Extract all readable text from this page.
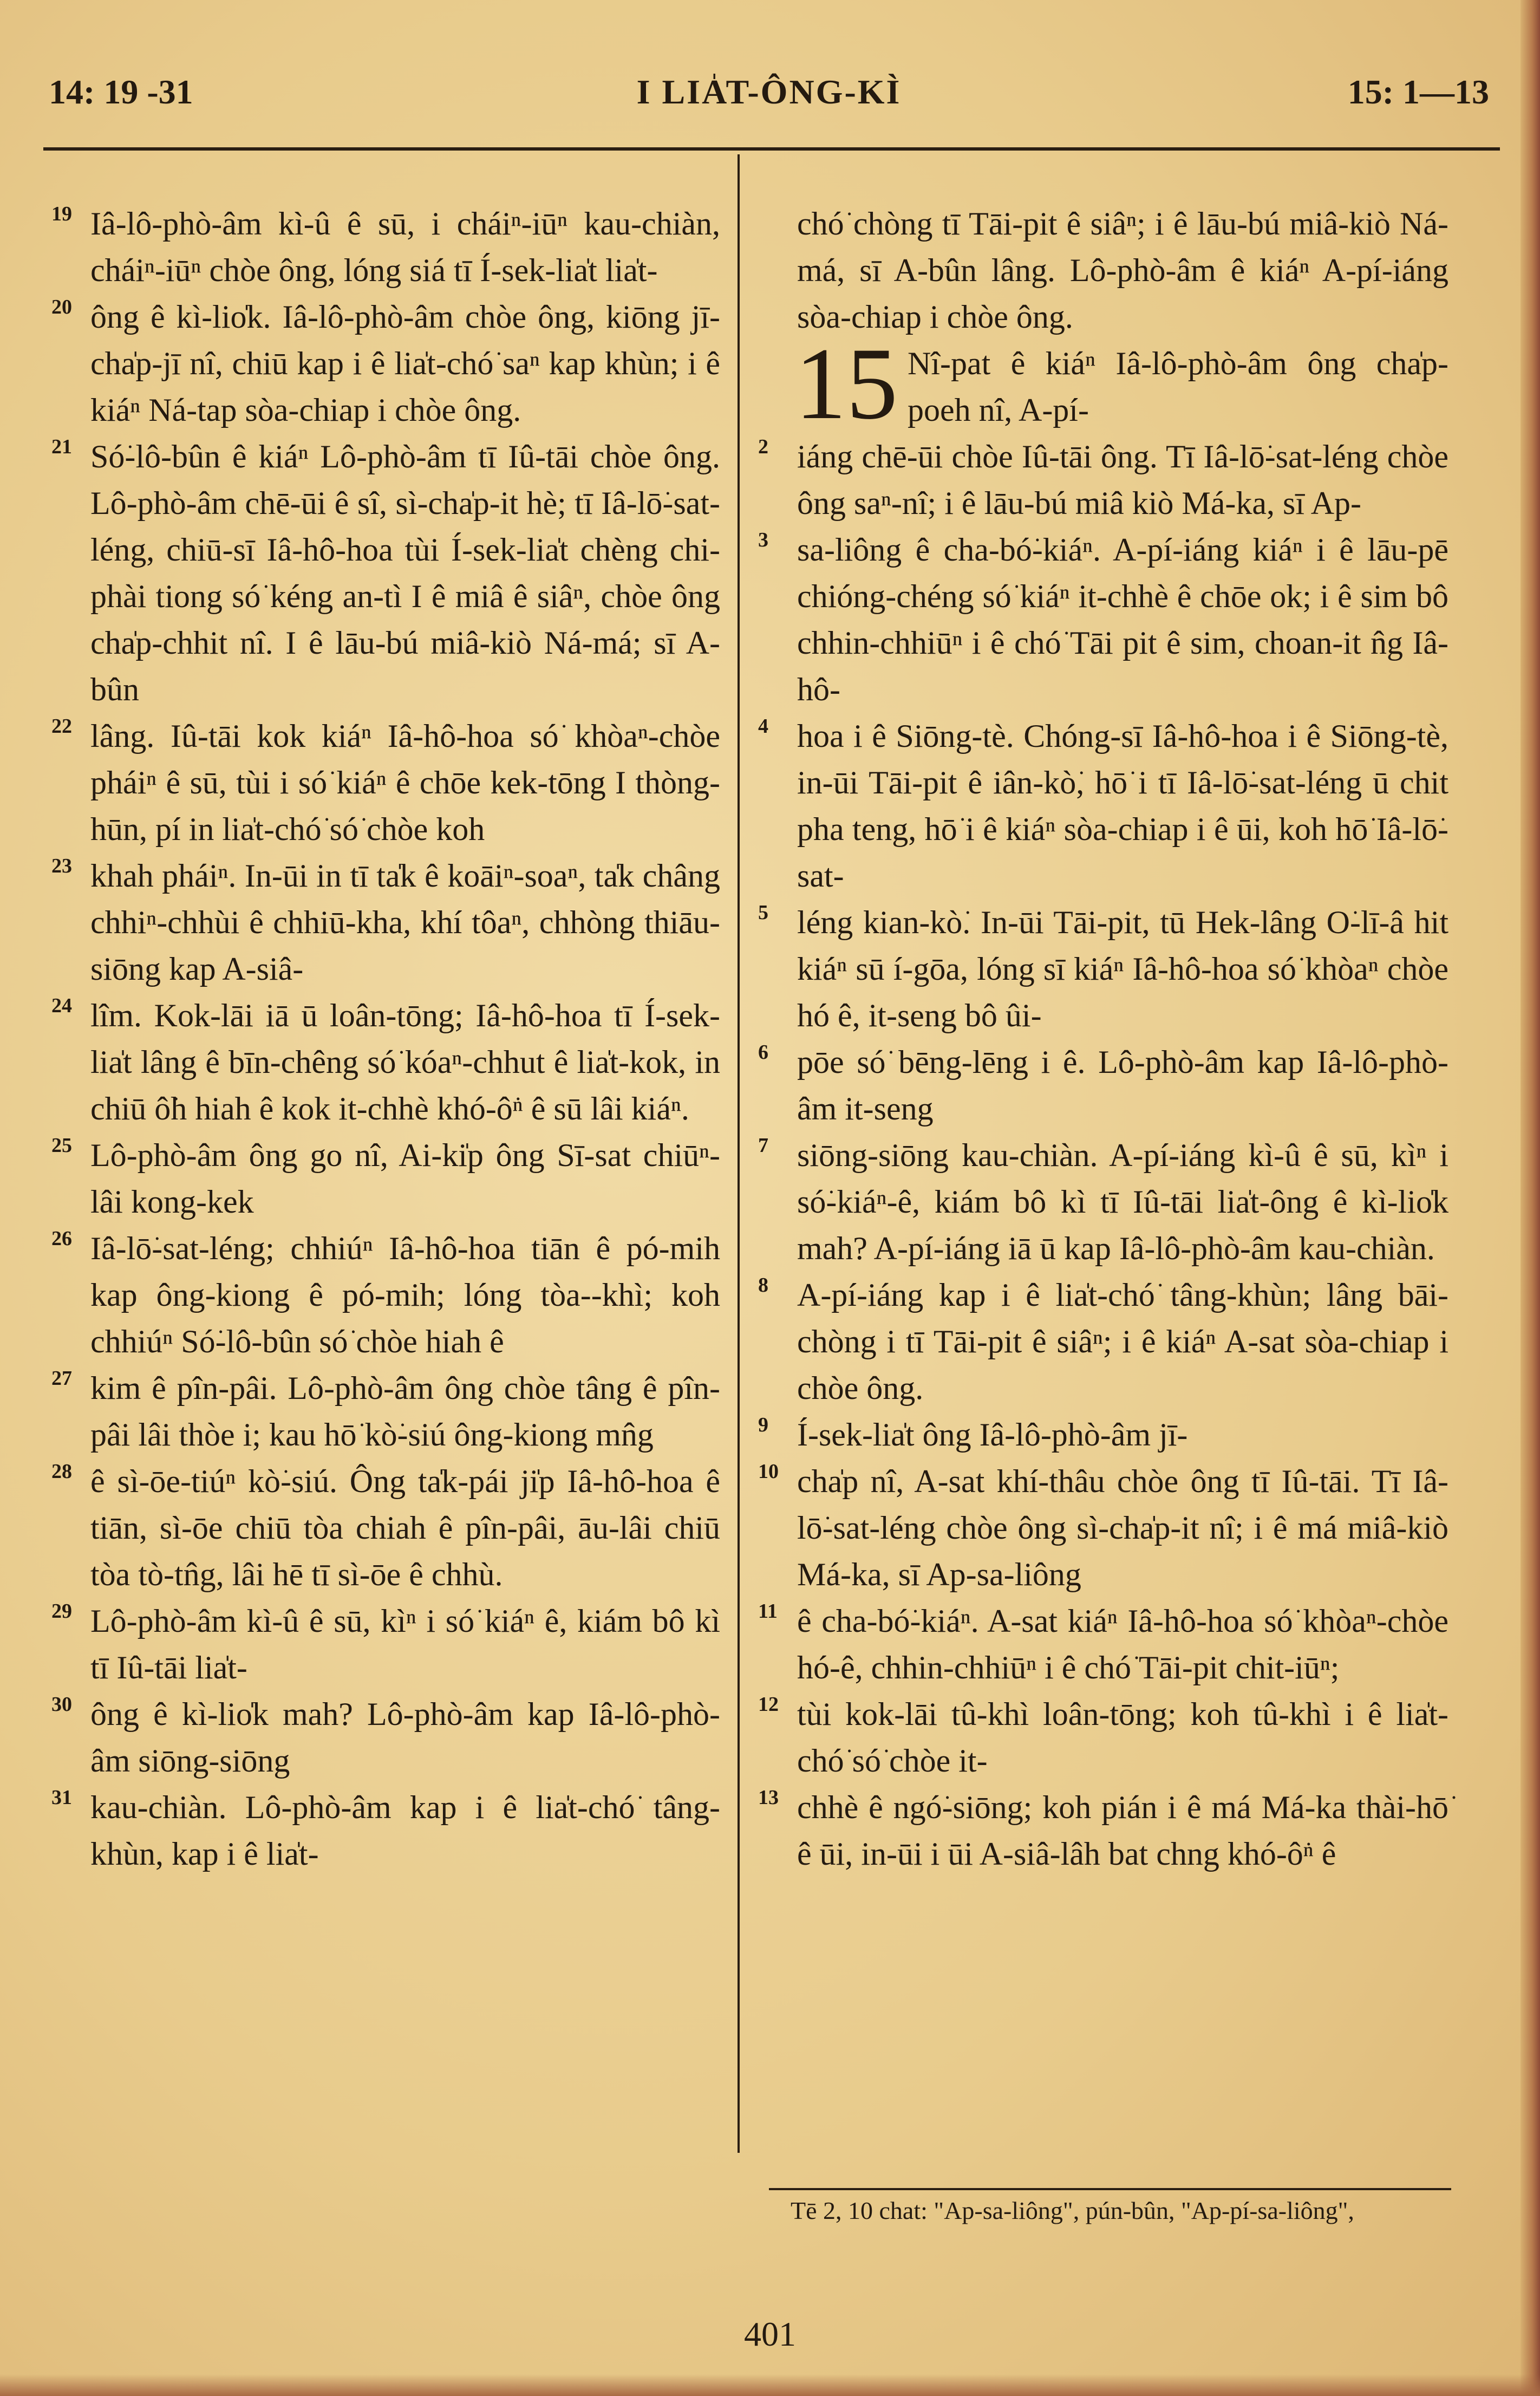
14: 19 -31	I LIA̍T-ÔNG-KÌ	15: 1—13

19 Iâ-lô-phò-âm kì-û ê sū, i cháiⁿ-iūⁿ kau-chiàn, cháiⁿ-iūⁿ chòe ông, lóng siá tī Í-sek-lia̍t lia̍t-

20 ông ê kì-lio̍k. Iâ-lô-phò-âm chòe ông, kiōng jī-cha̍p-jī nî, chiū kap i ê lia̍t-chó͘ saⁿ kap khùn; i ê kiáⁿ Ná-tap sòa-chiap i chòe ông.

21 Só͘-lô-bûn ê kiáⁿ Lô-phò-âm tī Iû-tāi chòe ông. Lô-phò-âm chē-ūi ê sî, sì-cha̍p-it hè; tī Iâ-lō͘-sat-léng, chiū-sī Iâ-hô-hoa tùi Í-sek-lia̍t chèng chi-phài tiong só͘ kéng an-tì I ê miâ ê siâⁿ, chòe ông cha̍p-chhit nî. I ê lāu-bú miâ-kiò Ná-má; sī A-bûn

22 lâng. Iû-tāi kok kiáⁿ Iâ-hô-hoa só͘ khòaⁿ-chòe pháiⁿ ê sū, tùi i só͘ kiáⁿ ê chōe kek-tōng I thòng-hūn, pí in lia̍t-chó͘ só͘ chòe koh

23 khah pháiⁿ. In-ūi in tī ta̍k ê koāiⁿ-soaⁿ, ta̍k châng chhiⁿ-chhùi ê chhiū-kha, khí tôaⁿ, chhòng thiāu-siōng kap A-siâ-

24 lîm. Kok-lāi iā ū loân-tōng; Iâ-hô-hoa tī Í-sek-lia̍t lâng ê bīn-chêng só͘ kóaⁿ-chhut ê lia̍t-kok, in chiū ô͘h hiah ê kok it-chhè khó-ô͘ⁿ ê sū lâi kiáⁿ.

25 Lô-phò-âm ông go nî, Ai-ki̍p ông Sī-sat chiūⁿ-lâi kong-kek

26 Iâ-lō͘-sat-léng; chhiúⁿ Iâ-hô-hoa tiān ê pó-mih kap ông-kiong ê pó-mih; lóng tòa--khì; koh chhiúⁿ Só͘-lô-bûn só͘ chòe hiah ê

27 kim ê pîn-pâi. Lô-phò-âm ông chòe tâng ê pîn-pâi lâi thòe i; kau hō͘ kò͘-siú ông-kiong mn̂g

28 ê sì-ōe-tiúⁿ kò͘-siú. Ông ta̍k-pái ji̍p Iâ-hô-hoa ê tiān, sì-ōe chiū tòa chiah ê pîn-pâi, āu-lâi chiū tòa tò-tn̂g, lâi hē tī sì-ōe ê chhù.

29 Lô-phò-âm kì-û ê sū, kìⁿ i só͘ kiáⁿ ê, kiám bô kì tī Iû-tāi lia̍t-

30 ông ê kì-lio̍k mah? Lô-phò-âm kap Iâ-lô-phò-âm siōng-siōng

31 kau-chiàn. Lô-phò-âm kap i ê lia̍t-chó͘ tâng-khùn, kap i ê lia̍t-

chó͘ chòng tī Tāi-pit ê siâⁿ; i ê lāu-bú miâ-kiò Ná-má, sī A-bûn lâng. Lô-phò-âm ê kiáⁿ A-pí-iáng sòa-chiap i chòe ông.

15 Nî-pat ê kiáⁿ Iâ-lô-phò-âm ông cha̍p-poeh nî, A-pí-

2 iáng chē-ūi chòe Iû-tāi ông. Tī Iâ-lō͘-sat-léng chòe ông saⁿ-nî; i ê lāu-bú miâ kiò Má-ka, sī Ap-

3 sa-liông ê cha-bó͘-kiáⁿ. A-pí-iáng kiáⁿ i ê lāu-pē chióng-chéng só͘ kiáⁿ it-chhè ê chōe ok; i ê sim bô chhin-chhiūⁿ i ê chó͘ Tāi pit ê sim, choan-it n̂g Iâ-hô-

4 hoa i ê Siōng-tè. Chóng-sī Iâ-hô-hoa i ê Siōng-tè, in-ūi Tāi-pit ê iân-kò͘, hō͘ i tī Iâ-lō͘-sat-léng ū chit pha teng, hō͘ i ê kiáⁿ sòa-chiap i ê ūi, koh hō͘ Iâ-lō͘-sat-

5 léng kian-kò͘. In-ūi Tāi-pit, tū Hek-lâng O͘-lī-â hit kiáⁿ sū í-gōa, lóng sī kiáⁿ Iâ-hô-hoa só͘ khòaⁿ chòe hó ê, it-seng bô ûi-

6 pōe só͘ bēng-lēng i ê. Lô-phò-âm kap Iâ-lô-phò-âm it-seng

7 siōng-siōng kau-chiàn. A-pí-iáng kì-û ê sū, kìⁿ i só͘-kiáⁿ-ê, kiám bô kì tī Iû-tāi lia̍t-ông ê kì-lio̍k mah? A-pí-iáng iā ū kap Iâ-lô-phò-âm kau-chiàn.

8 A-pí-iáng kap i ê lia̍t-chó͘ tâng-khùn; lâng bāi-chòng i tī Tāi-pit ê siâⁿ; i ê kiáⁿ A-sat sòa-chiap i chòe ông.

9 Í-sek-lia̍t ông Iâ-lô-phò-âm jī-

10 cha̍p nî, A-sat khí-thâu chòe ông tī Iû-tāi. Tī Iâ-lō͘-sat-léng chòe ông sì-cha̍p-it nî; i ê má miâ-kiò Má-ka, sī Ap-sa-liông

11 ê cha-bó͘-kiáⁿ. A-sat kiáⁿ Iâ-hô-hoa só͘ khòaⁿ-chòe hó-ê, chhin-chhiūⁿ i ê chó͘ Tāi-pit chit-iūⁿ;

12 tùi kok-lāi tû-khì loân-tōng; koh tû-khì i ê lia̍t-chó͘ só͘ chòe it-

13 chhè ê ngó͘-siōng; koh pián i ê má Má-ka thài-hō͘ ê ūi, in-ūi i ūi A-siâ-lâh bat chng khó-ô͘ⁿ ê

Tē 2, 10 chat: "Ap-sa-liông", pún-bûn, "Ap-pí-sa-liông",
401
